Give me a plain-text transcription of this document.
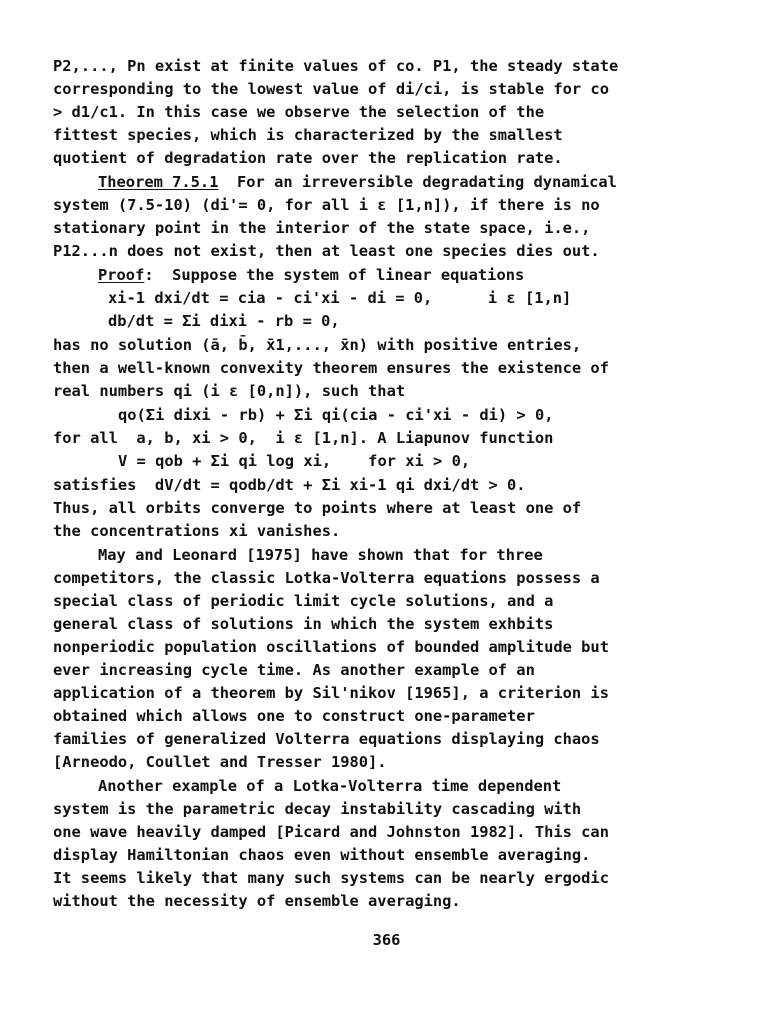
P2,..., Pn exist at finite values of co. P1, the steady state
corresponding to the lowest value of di/ci, is stable for co
> d1/c1. In this case we observe the selection of the
fittest species, which is characterized by the smallest
quotient of degradation rate over the replication rate.
Theorem 7.5.1  For an irreversible degradating dynamical
system (7.5-10) (di'= 0, for all i ε [1,n]), if there is no
stationary point in the interior of the state space, i.e.,
P12...n does not exist, then at least one species dies out.
Proof:  Suppose the system of linear equations
xi-1 dxi/dt = cia - ci'xi - di = 0,      i ε [1,n]
db/dt = Σi dixi - rb = 0,
has no solution (ā, b̄, x̄1,..., x̄n) with positive entries,
then a well-known convexity theorem ensures the existence of
real numbers qi (i ε [0,n]), such that
qo(Σi dixi - rb) + Σi qi(cia - ci'xi - di) > 0,
for all  a, b, xi > 0,  i ε [1,n]. A Liapunov function
V = qob + Σi qi log xi,    for xi > 0,
satisfies  dV/dt = qodb/dt + Σi xi-1 qi dxi/dt > 0.
Thus, all orbits converge to points where at least one of
the concentrations xi vanishes.
May and Leonard [1975] have shown that for three
competitors, the classic Lotka-Volterra equations possess a
special class of periodic limit cycle solutions, and a
general class of solutions in which the system exhbits
nonperiodic population oscillations of bounded amplitude but
ever increasing cycle time. As another example of an
application of a theorem by Sil'nikov [1965], a criterion is
obtained which allows one to construct one-parameter
families of generalized Volterra equations displaying chaos
[Arneodo, Coullet and Tresser 1980].
Another example of a Lotka-Volterra time dependent
system is the parametric decay instability cascading with
one wave heavily damped [Picard and Johnston 1982]. This can
display Hamiltonian chaos even without ensemble averaging.
It seems likely that many such systems can be nearly ergodic
without the necessity of ensemble averaging.
366
